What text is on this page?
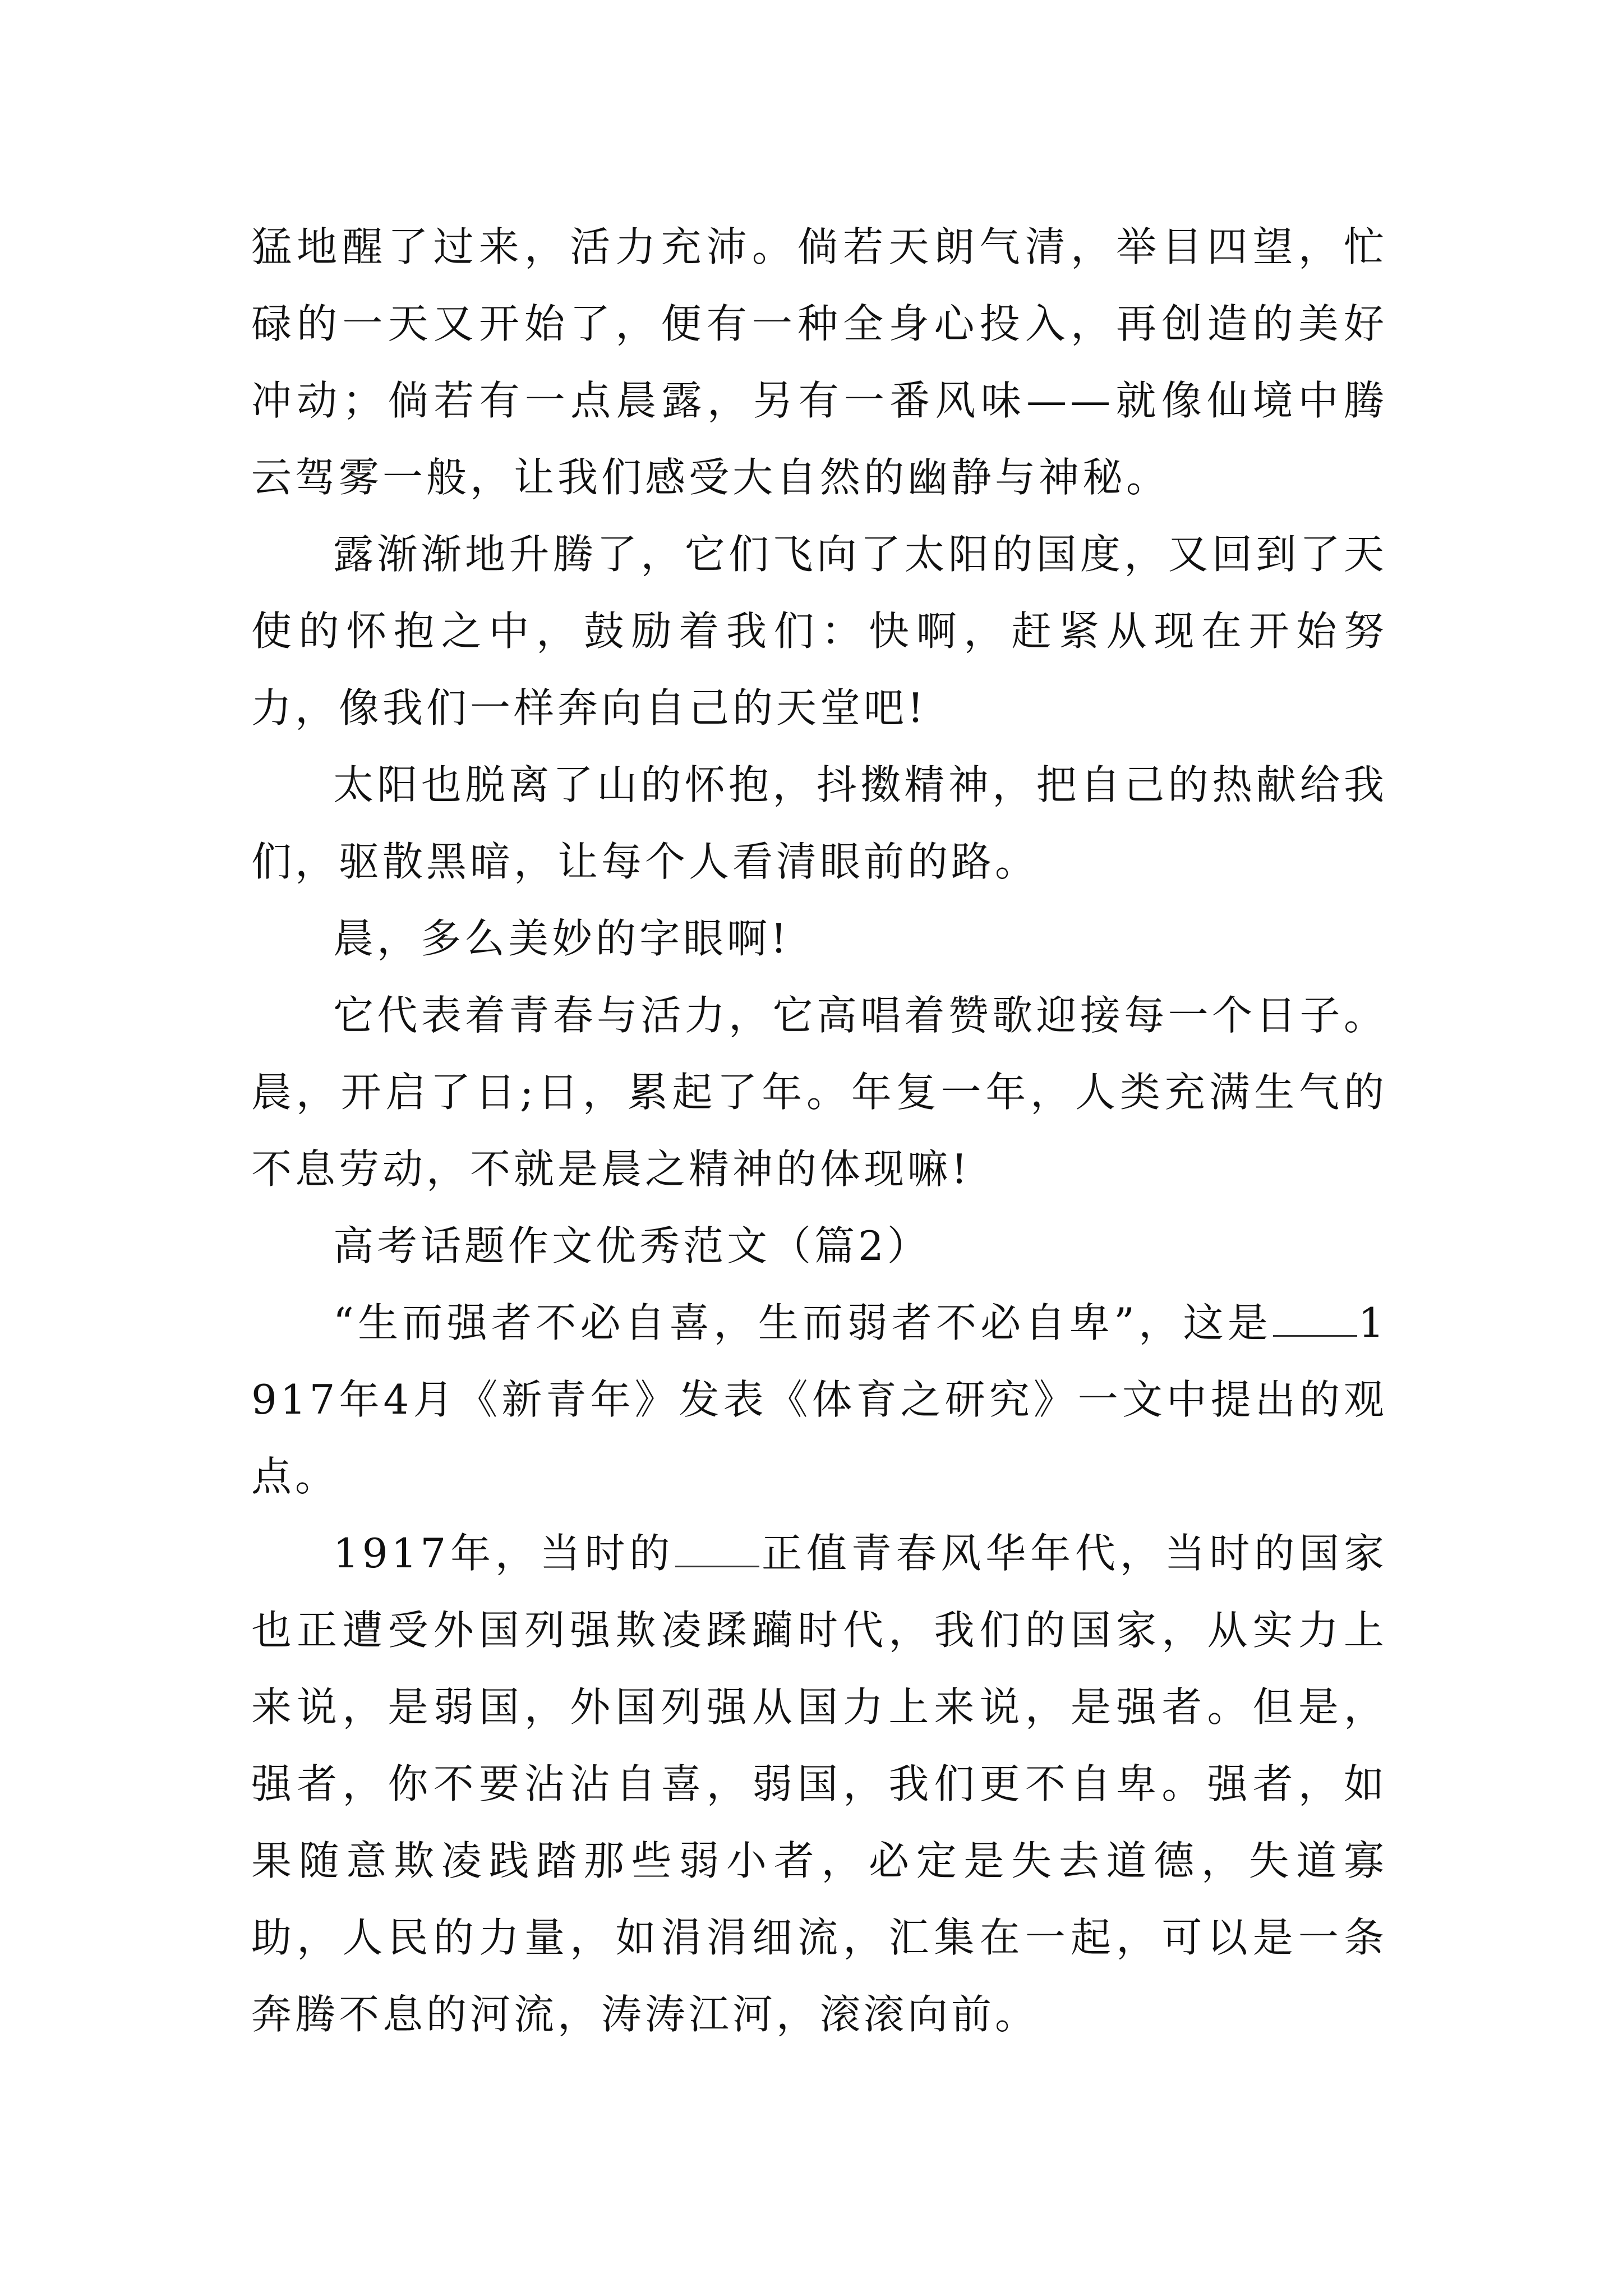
猛地醒了过来，活力充沛。倘若天朗气清，举目四望，忙碌的一天又开始了，便有一种全身心投入，再创造的美好冲动；倘若有一点晨露，另有一番风味——就像仙境中腾云驾雾一般，让我们感受大自然的幽静与神秘。

露渐渐地升腾了，它们飞向了太阳的国度，又回到了天使的怀抱之中，鼓励着我们：快啊，赶紧从现在开始努力，像我们一样奔向自己的天堂吧!

太阳也脱离了山的怀抱，抖擞精神，把自己的热献给我们，驱散黑暗，让每个人看清眼前的路。

晨，多么美妙的字眼啊!

它代表着青春与活力，它高唱着赞歌迎接每一个日子。晨，开启了日;日，累起了年。年复一年，人类充满生气的不息劳动，不就是晨之精神的体现嘛!

高考话题作文优秀范文（篇2）

“生而强者不必自喜，生而弱者不必自卑”，这是 1917年4月《新青年》发表《体育之研究》一文中提出的观点。

1917年，当时的 正值青春风华年代，当时的国家也正遭受外国列强欺凌蹂躏时代，我们的国家，从实力上来说，是弱国，外国列强从国力上来说，是强者。但是，强者，你不要沾沾自喜，弱国，我们更不自卑。强者，如果随意欺凌践踏那些弱小者，必定是失去道德，失道寡助，人民的力量，如涓涓细流，汇集在一起，可以是一条奔腾不息的河流，涛涛江河，滚滚向前。
